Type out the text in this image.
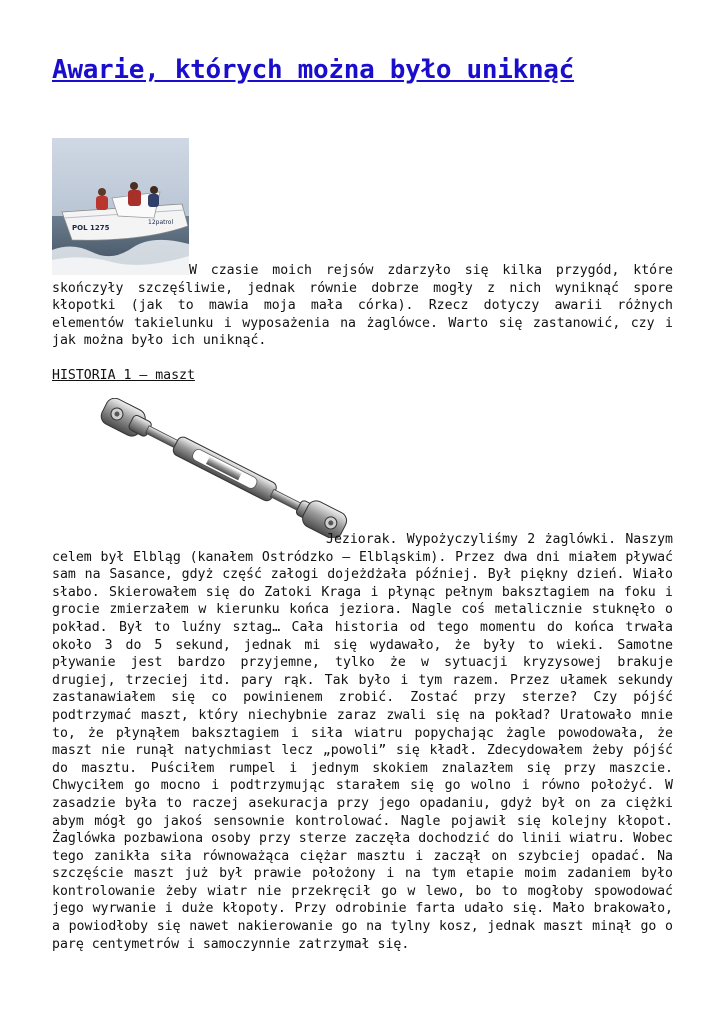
Awarie, których można było uniknąć
POL 1275
12patrol

W czasie moich rejsów zdarzyło się kilka przygód, które skończyły szczęśliwie, jednak równie dobrze mogły z nich wyniknąć spore kłopotki (jak to mawia moja mała córka). Rzecz dotyczy awarii różnych elementów takielunku i wyposażenia na żaglówce. Warto się zastanowić, czy i jak można było ich uniknąć.

HISTORIA 1 – maszt

Jeziorak. Wypożyczyliśmy 2 żaglówki. Naszym celem był Elbląg (kanałem Ostródzko – Elbląskim). Przez dwa dni miałem pływać sam na Sasance, gdyż część załogi dojeżdżała później. Był piękny dzień. Wiało słabo. Skierowałem się do Zatoki Kraga i płynąc pełnym baksztagiem na foku i grocie zmierzałem w kierunku końca jeziora. Nagle coś metalicznie stuknęło o pokład. Był to luźny sztag… Cała historia od tego momentu do końca trwała około 3 do 5 sekund, jednak mi się wydawało, że były to wieki. Samotne pływanie jest bardzo przyjemne, tylko że w sytuacji kryzysowej brakuje drugiej, trzeciej itd. pary rąk. Tak było i tym razem. Przez ułamek sekundy zastanawiałem się co powinienem zrobić. Zostać przy sterze? Czy pójść podtrzymać maszt, który niechybnie zaraz zwali się na pokład? Uratowało mnie to, że płynąłem baksztagiem i siła wiatru popychając żagle powodowała, że maszt nie runął natychmiast lecz „powoli” się kładł. Zdecydowałem żeby pójść do masztu. Puściłem rumpel i jednym skokiem znalazłem się przy maszcie. Chwyciłem go mocno i podtrzymując starałem się go wolno i równo położyć. W zasadzie była to raczej asekuracja przy jego opadaniu, gdyż był on za ciężki abym mógł go jakoś sensownie kontrolować. Nagle pojawił się kolejny kłopot. Żaglówka pozbawiona osoby przy sterze zaczęła dochodzić do linii wiatru. Wobec tego zanikła siła równoważąca ciężar masztu i zaczął on szybciej opadać. Na szczęście maszt już był prawie położony i na tym etapie moim zadaniem było kontrolowanie żeby wiatr nie przekręcił go w lewo, bo to mogłoby spowodować jego wyrwanie i duże kłopoty. Przy odrobinie farta udało się. Mało brakowało, a powiodłoby się nawet nakierowanie go na tylny kosz, jednak maszt minął go o parę centymetrów i samoczynnie zatrzymał się.
